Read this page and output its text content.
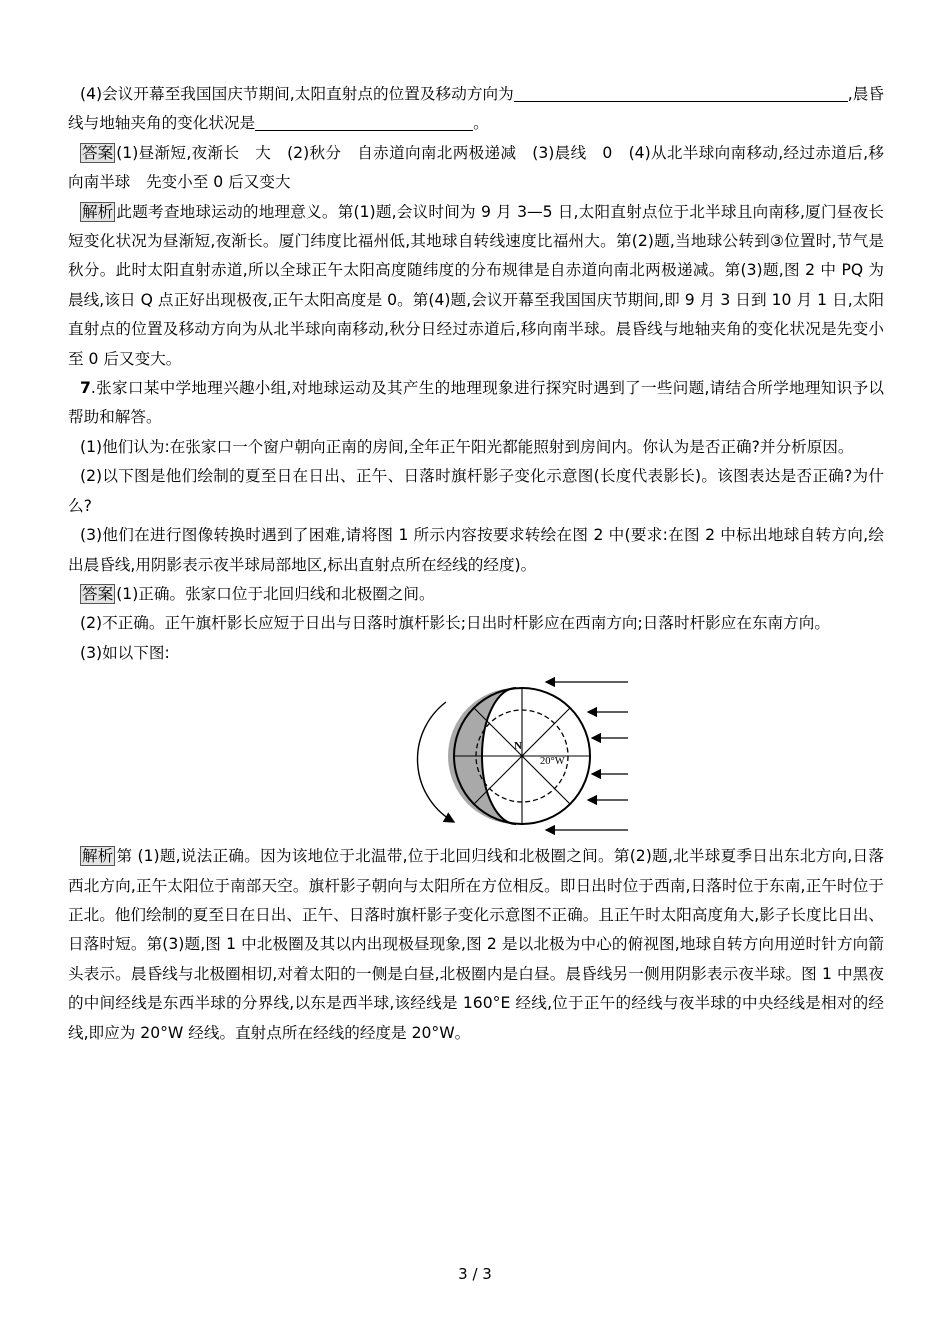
(4)会议开幕至我国国庆节期间,太阳直射点的位置及移动方向为	,晨昏线与地轴夹角的变化状况是	。

答案 (1)昼渐短,夜渐长　大　(2)秋分　自赤道向南北两极递减　(3)晨线　0　(4)从北半球向南移动,经过赤道后,移向南半球　先变小至 0 后又变大

解析 此题考查地球运动的地理意义。第(1)题,会议时间为 9 月 3—5 日,太阳直射点位于北半球且向南移,厦门昼夜长短变化状况为昼渐短,夜渐长。厦门纬度比福州低,其地球自转线速度比福州大。第(2)题,当地球公转到③位置时,节气是秋分。此时太阳直射赤道,所以全球正午太阳高度随纬度的分布规律是自赤道向南北两极递减。第(3)题,图 2 中 PQ 为晨线,该日 Q 点正好出现极夜,正午太阳高度是 0。第(4)题,会议开幕至我国国庆节期间,即 9 月 3 日到 10 月 1 日,太阳直射点的位置及移动方向为从北半球向南移动,秋分日经过赤道后,移向南半球。晨昏线与地轴夹角的变化状况是先变小至 0 后又变大。

7.张家口某中学地理兴趣小组,对地球运动及其产生的地理现象进行探究时遇到了一些问题,请结合所学地理知识予以帮助和解答。

(1)他们认为:在张家口一个窗户朝向正南的房间,全年正午阳光都能照射到房间内。你认为是否正确?并分析原因。

(2)以下图是他们绘制的夏至日在日出、正午、日落时旗杆影子变化示意图(长度代表影长)。该图表达是否正确?为什么?

(3)他们在进行图像转换时遇到了困难,请将图 1 所示内容按要求转绘在图 2 中(要求:在图 2 中标出地球自转方向,绘出晨昏线,用阴影表示夜半球局部地区,标出直射点所在经线的经度)。

答案 (1)正确。张家口位于北回归线和北极圈之间。

(2)不正确。正午旗杆影长应短于日出与日落时旗杆影长;日出时杆影应在西南方向;日落时杆影应在东南方向。

(3)如以下图:

N
20°W

解析 第 (1)题,说法正确。因为该地位于北温带,位于北回归线和北极圈之间。第(2)题,北半球夏季日出东北方向,日落西北方向,正午太阳位于南部天空。旗杆影子朝向与太阳所在方位相反。即日出时位于西南,日落时位于东南,正午时位于正北。他们绘制的夏至日在日出、正午、日落时旗杆影子变化示意图不正确。且正午时太阳高度角大,影子长度比日出、日落时短。第(3)题,图 1 中北极圈及其以内出现极昼现象,图 2 是以北极为中心的俯视图,地球自转方向用逆时针方向箭头表示。晨昏线与北极圈相切,对着太阳的一侧是白昼,北极圈内是白昼。晨昏线另一侧用阴影表示夜半球。图 1 中黑夜的中间经线是东西半球的分界线,以东是西半球,该经线是 160°E 经线,位于正午的经线与夜半球的中央经线是相对的经线,即应为 20°W 经线。直射点所在经线的经度是 20°W。

3 / 3
